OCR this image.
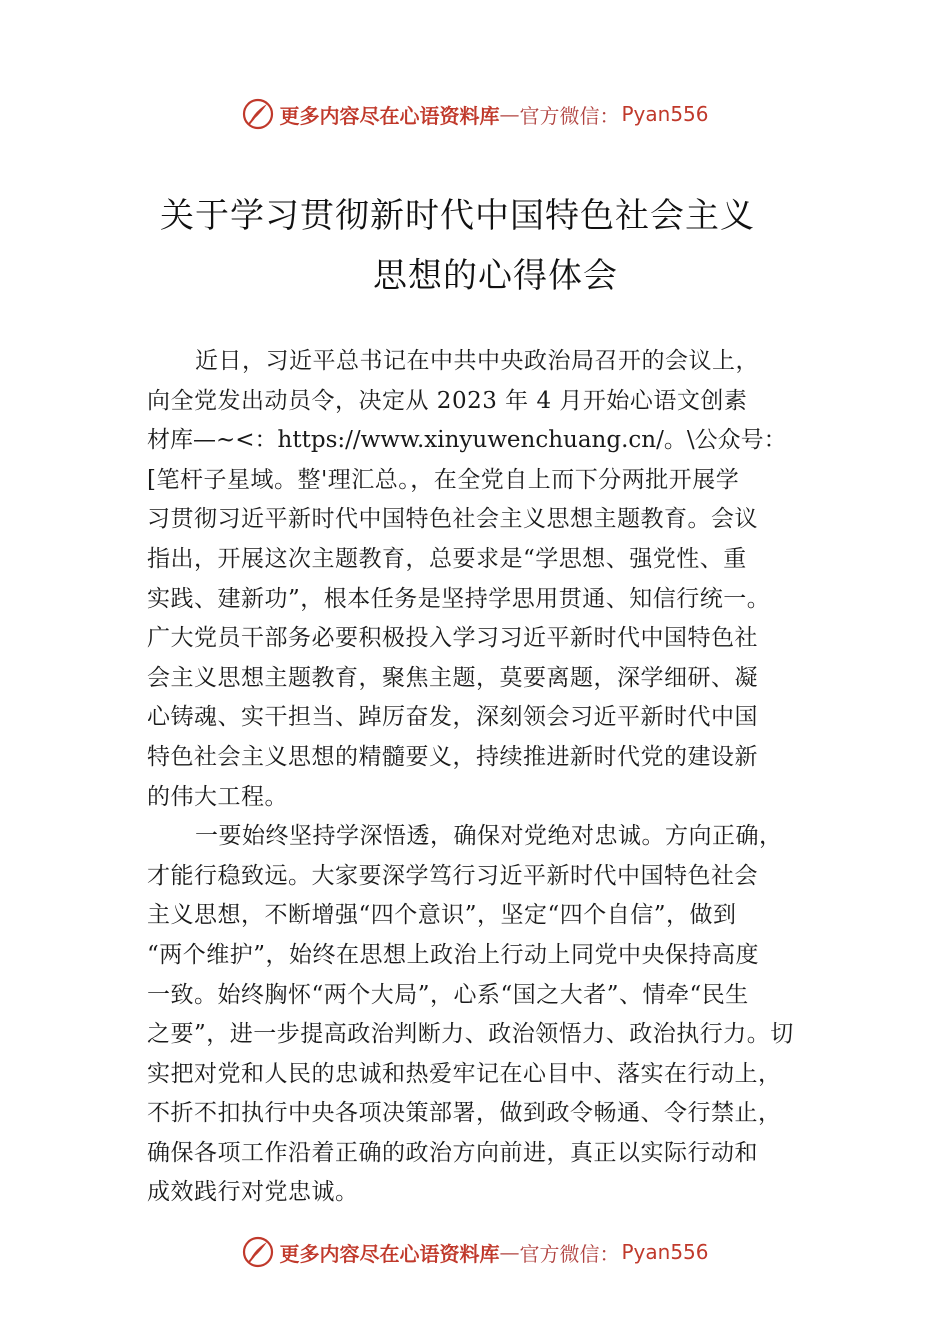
更多内容尽在心语资料库 — 官方微信： Pyan556
关于学习贯彻新时代中国特色社会主义
思想的心得体会
近日，习近平总书记在中共中央政治局召开的会议上，
向全党发出动员令，决定从 2023 年 4 月开始心语文创素
材库—~<：https://www.xinyuwenchuang.cn/。\公众号：
[笔杆子星域。整'理汇总。，在全党自上而下分两批开展学
习贯彻习近平新时代中国特色社会主义思想主题教育。会议
指出，开展这次主题教育，总要求是“学思想、强党性、重
实践、建新功”，根本任务是坚持学思用贯通、知信行统一。
广大党员干部务必要积极投入学习习近平新时代中国特色社
会主义思想主题教育，聚焦主题，莫要离题，深学细研、凝
心铸魂、实干担当、踔厉奋发，深刻领会习近平新时代中国
特色社会主义思想的精髓要义，持续推进新时代党的建设新
的伟大工程。
一要始终坚持学深悟透，确保对党绝对忠诚。方向正确，
才能行稳致远。大家要深学笃行习近平新时代中国特色社会
主义思想，不断增强“四个意识”，坚定“四个自信”，做到
“两个维护”，始终在思想上政治上行动上同党中央保持高度
一致。始终胸怀“两个大局”，心系“国之大者”、情牵“民生
之要”，进一步提高政治判断力、政治领悟力、政治执行力。切
实把对党和人民的忠诚和热爱牢记在心目中、落实在行动上，
不折不扣执行中央各项决策部署，做到政令畅通、令行禁止，
确保各项工作沿着正确的政治方向前进，真正以实际行动和
成效践行对党忠诚。
更多内容尽在心语资料库 — 官方微信： Pyan556
